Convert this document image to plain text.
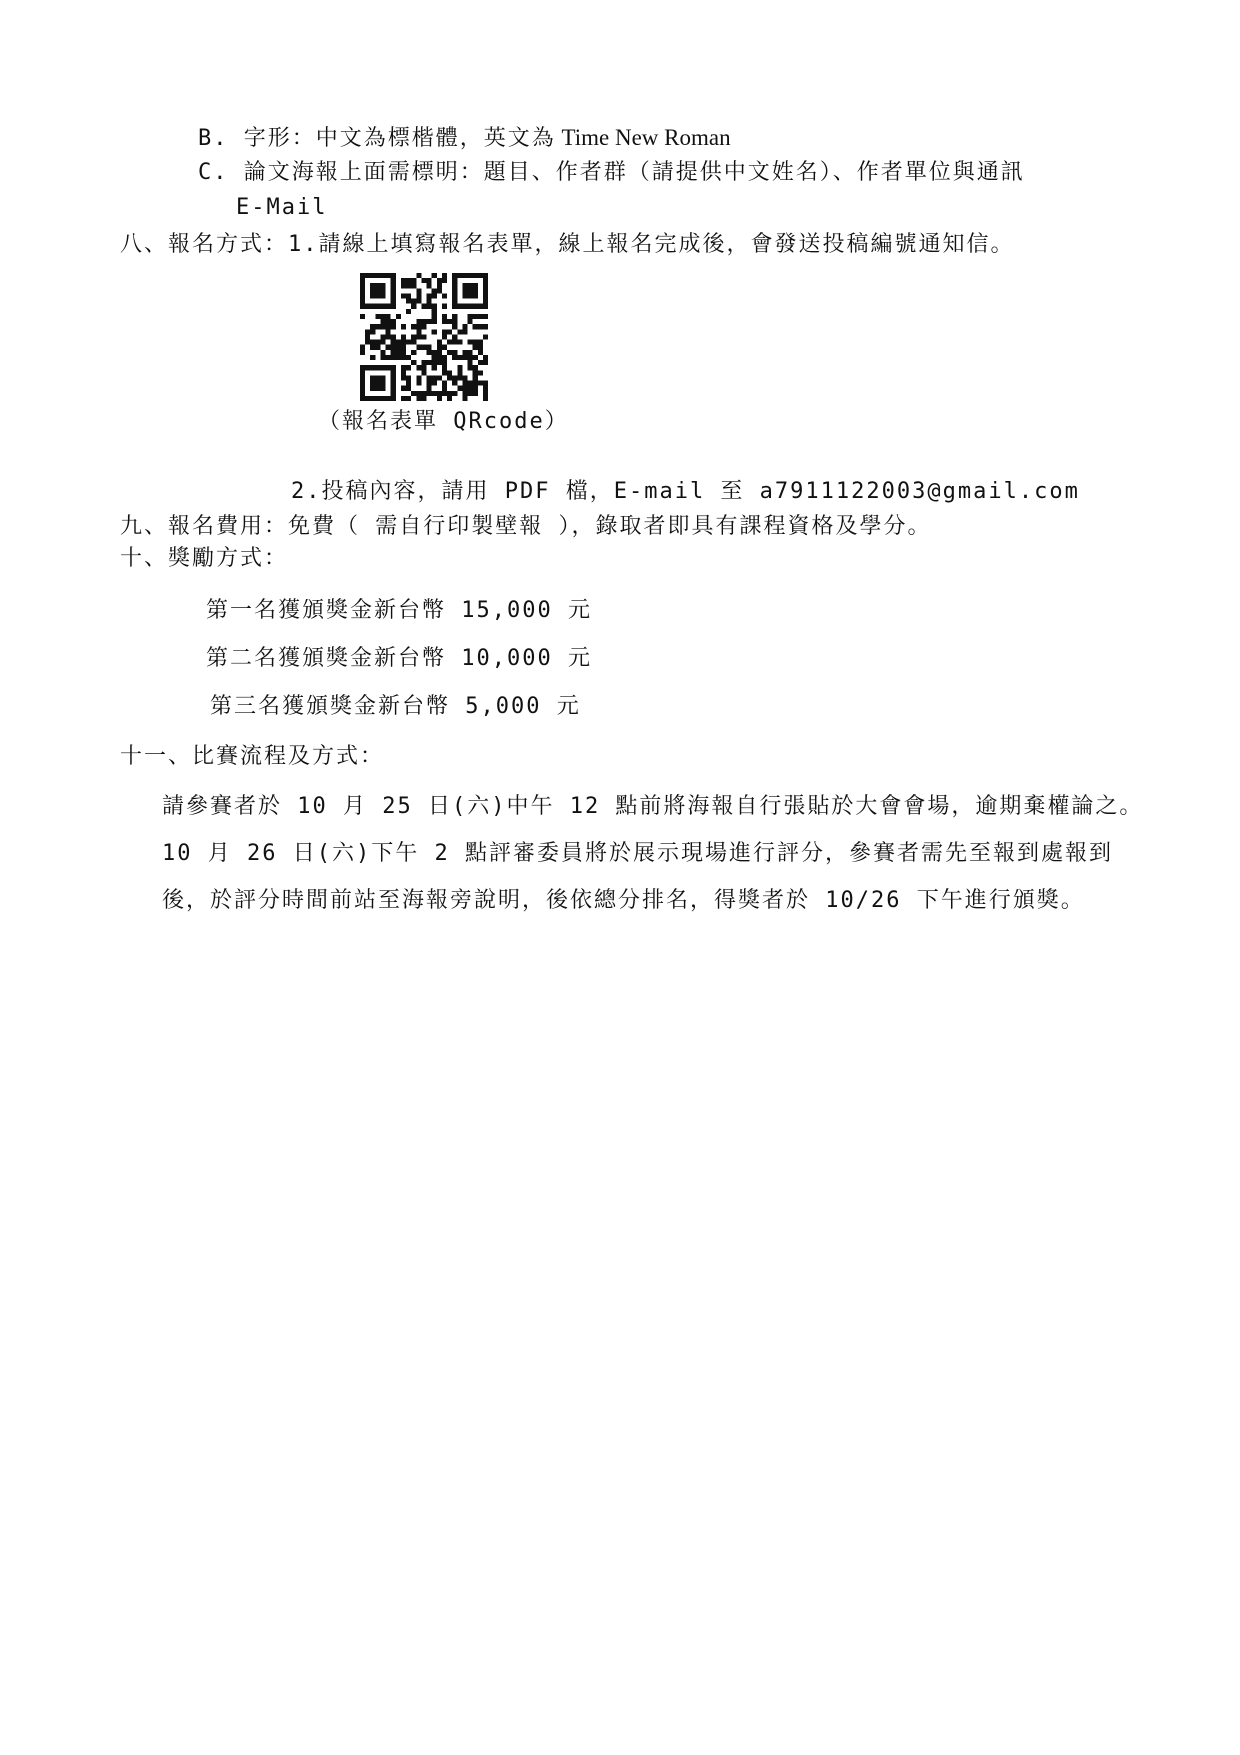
B. 字形：中文為標楷體，英文為 Time New Roman
C. 論文海報上面需標明：題目、作者群（請提供中文姓名）、作者單位與通訊
E-Mail
八、報名方式：1.請線上填寫報名表單，線上報名完成後，會發送投稿編號通知信。
（報名表單 QRcode）
2.投稿內容，請用 PDF 檔，E-mail 至 a7911122003@gmail.com
九、報名費用：免費（ 需自行印製壁報 ），錄取者即具有課程資格及學分。
十、獎勵方式：
第一名獲頒獎金新台幣 15,000 元
第二名獲頒獎金新台幣 10,000 元
第三名獲頒獎金新台幣 5,000 元
十一、比賽流程及方式：
請參賽者於 10 月 25 日(六)中午 12 點前將海報自行張貼於大會會場，逾期棄權論之。
10 月 26 日(六)下午 2 點評審委員將於展示現場進行評分，參賽者需先至報到處報到
後，於評分時間前站至海報旁說明，後依總分排名，得獎者於 10/26 下午進行頒獎。
